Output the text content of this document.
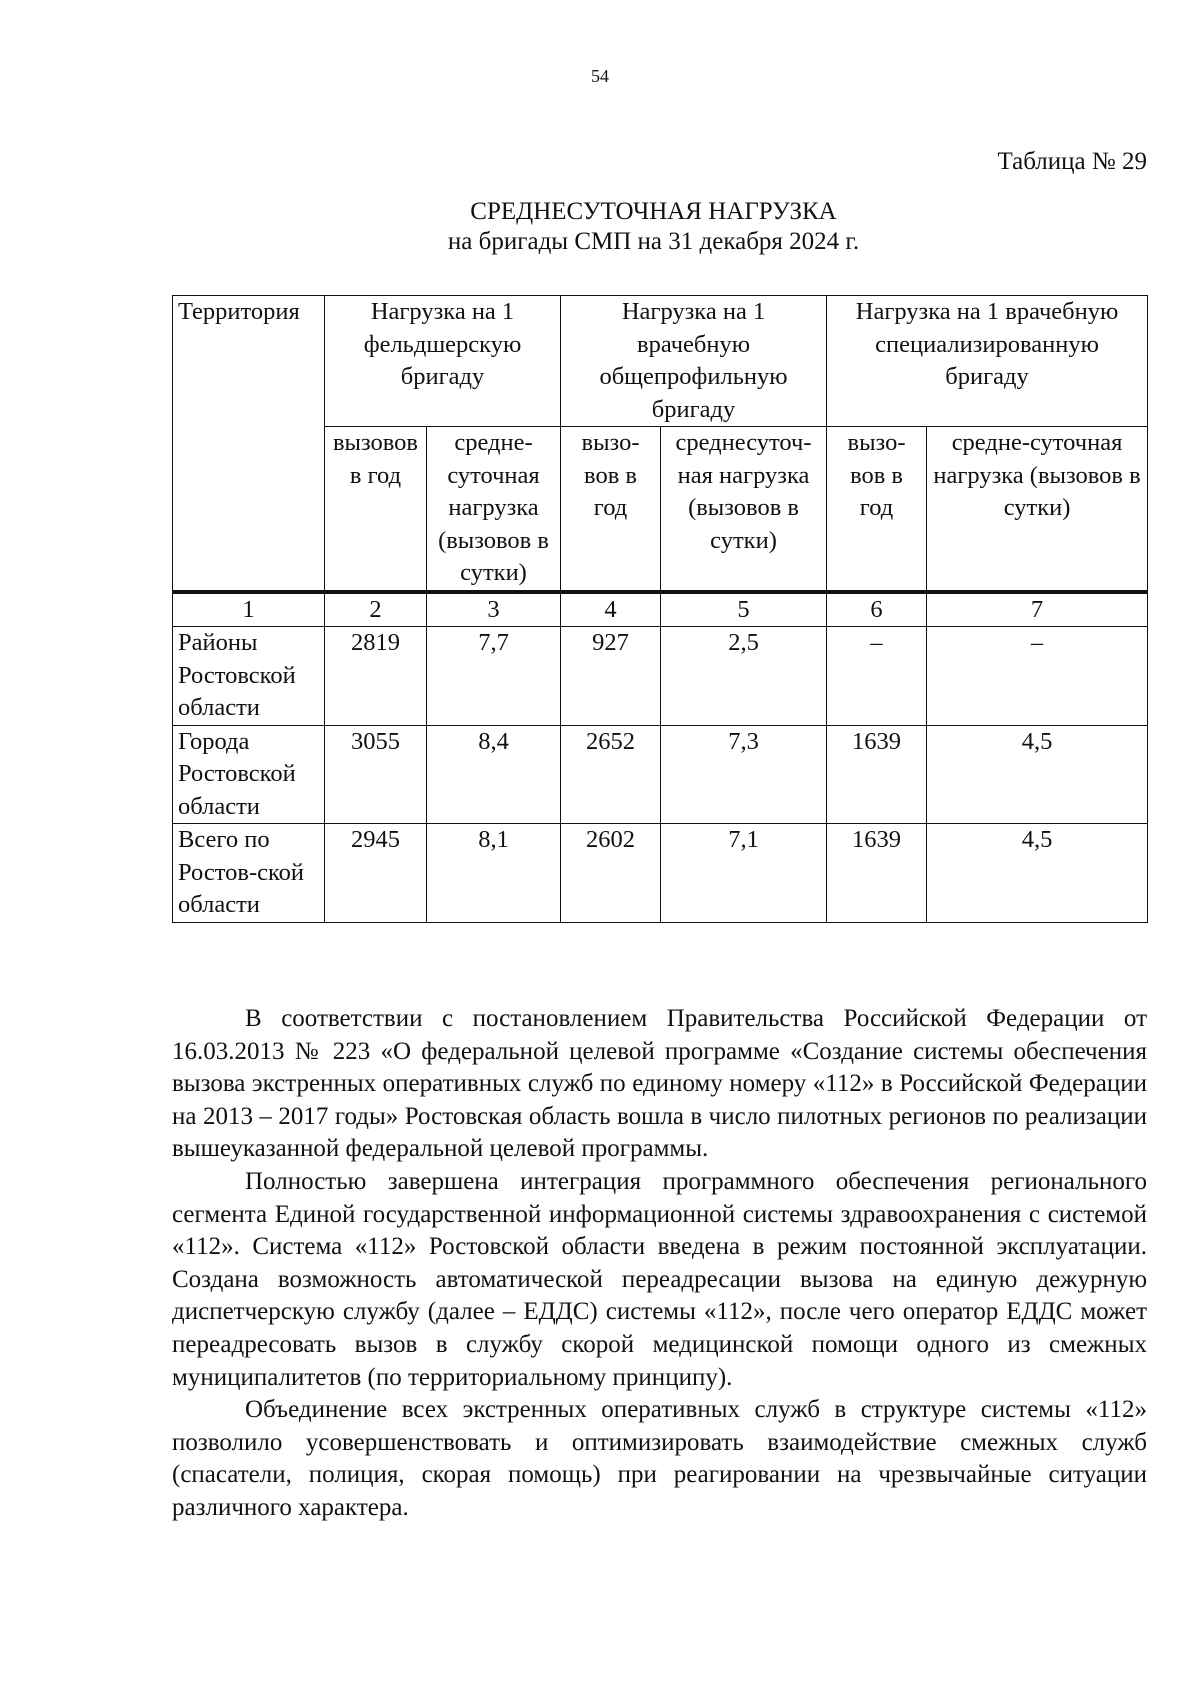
54
Таблица № 29
СРЕДНЕСУТОЧНАЯ НАГРУЗКА
на бригады СМП на 31 декабря 2024 г.
Территория	Нагрузка на 1 фельдшерскую бригаду		Нагрузка на 1 врачебную общепрофильную бригаду		Нагрузка на 1 врачебную специализированную бригаду	
	вызовов в год	средне-суточная нагрузка (вызовов в сутки)	вызо-вов в год	среднесуточ-ная нагрузка (вызовов в сутки)	вызо-вов в год	средне-суточная нагрузка (вызовов в сутки)
1	2	3	4	5	6	7
Районы Ростовской области	2819	7,7	927	2,5	–	–
Города Ростовской области	3055	8,4	2652	7,3	1639	4,5
Всего по Ростов-ской области	2945	8,1	2602	7,1	1639	4,5

В соответствии с постановлением Правительства Российской Федерации от 16.03.2013 № 223 «О федеральной целевой программе «Создание системы обеспечения вызова экстренных оперативных служб по единому номеру «112» в Российской Федерации на 2013 – 2017 годы» Ростовская область вошла в число пилотных регионов по реализации вышеуказанной федеральной целевой программы.

Полностью завершена интеграция программного обеспечения регионального сегмента Единой государственной информационной системы здравоохранения с системой «112». Система «112» Ростовской области введена в режим постоянной эксплуатации. Создана возможность автоматической переадресации вызова на единую дежурную диспетчерскую службу (далее – ЕДДС) системы «112», после чего оператор ЕДДС может переадресовать вызов в службу скорой медицинской помощи одного из смежных муниципалитетов (по территориальному принципу).

Объединение всех экстренных оперативных служб в структуре системы «112» позволило усовершенствовать и оптимизировать взаимодействие смежных служб (спасатели, полиция, скорая помощь) при реагировании на чрезвычайные ситуации различного характера.
